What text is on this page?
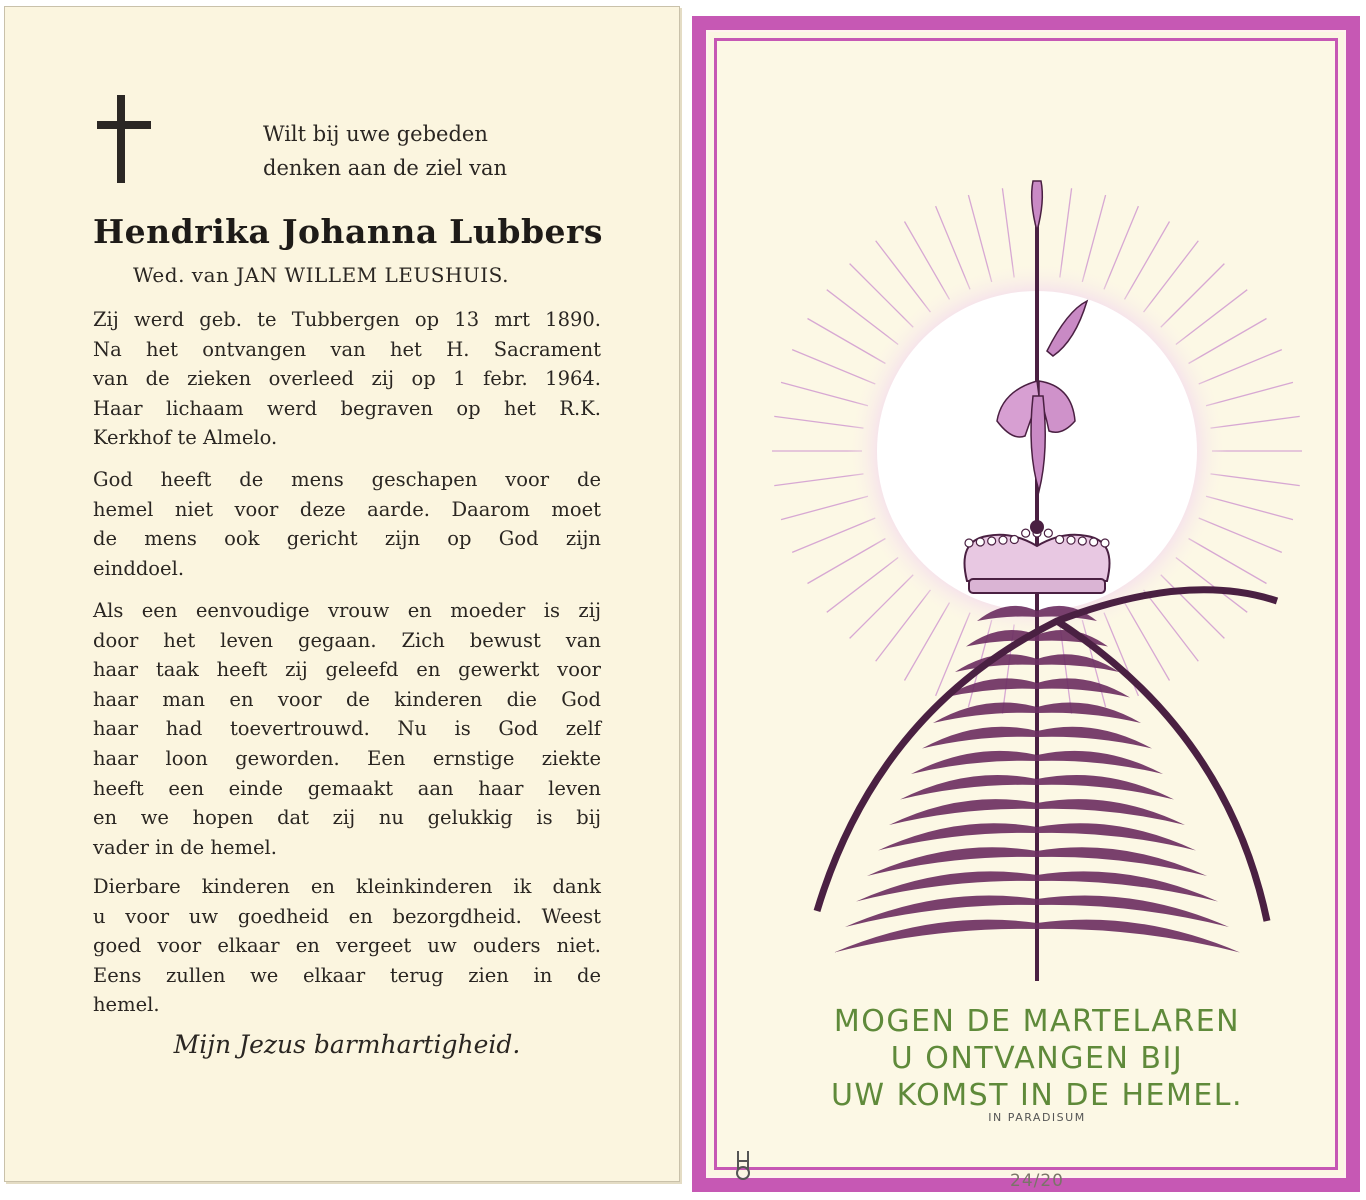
Wilt bij uwe gebeden
denken aan de ziel van
Hendrika Johanna Lubbers
Wed. van JAN WILLEM LEUSHUIS.
Zij werd geb. te Tubbergen op 13 mrt 1890.
Na het ontvangen van het H. Sacrament
van de zieken overleed zij op 1 febr. 1964.
Haar lichaam werd begraven op het R.K.
Kerkhof te Almelo.
God heeft de mens geschapen voor de
hemel niet voor deze aarde. Daarom moet
de mens ook gericht zijn op God zijn
einddoel.
Als een eenvoudige vrouw en moeder is zij
door het leven gegaan. Zich bewust van
haar taak heeft zij geleefd en gewerkt voor
haar man en voor de kinderen die God
haar had toevertrouwd. Nu is God zelf
haar loon geworden. Een ernstige ziekte
heeft een einde gemaakt aan haar leven
en we hopen dat zij nu gelukkig is bij
vader in de hemel.
Dierbare kinderen en kleinkinderen ik dank
u voor uw goedheid en bezorgdheid. Weest
goed voor elkaar en vergeet uw ouders niet.
Eens zullen we elkaar terug zien in de
hemel.
Mijn Jezus barmhartigheid.
MOGEN DE MARTELAREN
U ONTVANGEN BIJ
UW KOMST IN DE HEMEL.
IN PARADISUM
24/20
